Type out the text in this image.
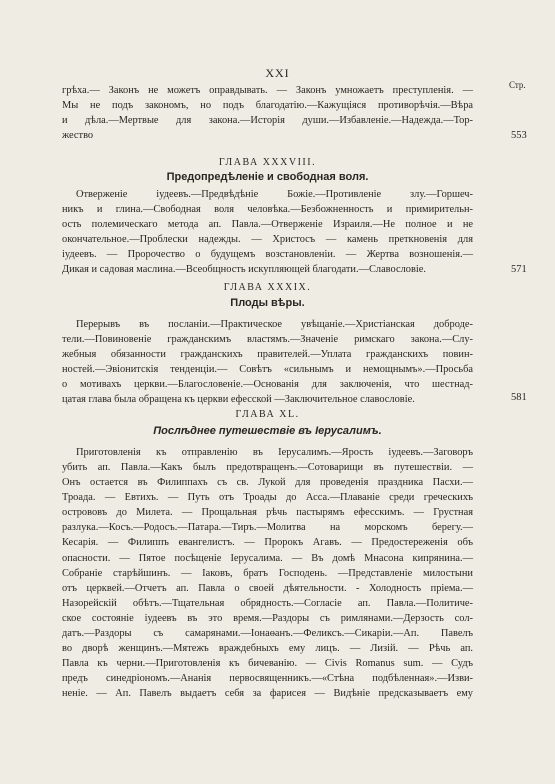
XXI
Стр.
грѣха.— Законъ не можетъ оправдывать. — Законъ умножаетъ преступленія. —
Мы не подъ закономъ, но подъ благодатію.—Кажущіяся противорѣчія.—Вѣра
и дѣла.—Мертвые для закона.—Исторія души.—Избавленіе.—Надежда.—Тор-
жество	553
ГЛАВА XXXVIII.
Предопредѣленіе и свободная воля.
Отверженіе іудеевъ.—Предвѣдѣніе Божіе.—Противленіе злу.—Горшеч-
никъ и глина.—Свободная воля человѣка.—Безбожненность и примирительн-
ость полемическаго метода ап. Павла.—Отверженіе Израиля.—Не полное и не
окончательное.—Проблески надежды. — Христосъ — камень преткновенія для
іудеевъ. — Пророчество о будущемъ возстановленіи. — Жертва возношенія.—
Дикая и садовая маслина.—Всеобщность искупляющей благодати.—Славословіе.	571
ГЛАВА XXXIX.
Плоды вѣры.
Перерывъ въ посланіи.—Практическое увѣщаніе.—Христіанская доброде-
тели.—Повиновеніе гражданскимъ властямъ.—Значеніе римскаго закона.—Слу-
жебныя обязанности гражданскихъ правителей.—Уплата гражданскихъ повин-
ностей.—Эвіонитскія тенденціи.— Совѣтъ «сильнымъ и немощнымъ».—Просьба
о мотивахъ церкви.—Благословеніе.—Основанія для заключенія, что шестнад-
цатая глава была обращена къ церкви ефесской —Заключительное славословіе.	581
ГЛАВА XL.
Послѣднее путешествіе въ Іерусалимъ.
Приготовленія къ отправленію въ Іерусалимъ.—Ярость іудеевъ.—Заговоръ
убить ап. Павла.—Какъ былъ предотвращенъ.—Сотоварищи въ путешествіи. —
Онъ остается въ Филиппахъ съ св. Лукой для проведенія праздника Пасхи.—
Троада. — Евтихъ. — Путь отъ Троады до Асса.—Плаваніе среди греческихъ
острововъ до Милета. — Прощальная рѣчь пастырямъ ефесскимъ. — Грустная
разлука.—Косъ.—Родосъ.—Патара.—Тиръ.—Молитва на морскомъ берегу.—
Кесарія. — Филиппъ евангелистъ. — Пророкъ Агавъ. — Предостереженія объ
опасности. — Пятое посѣщеніе Іерусалима. — Въ домѣ Мнасона кипрянина.—
Собраніе старѣйшинъ. — Іаковъ, братъ Господень. —Представленіе милостыни
отъ церквей.—Отчетъ ап. Павла о своей дѣятельности. - Холодность пріема.—
Назорейскій обѣтъ.—Тщательная обрядность.—Согласіе ап. Павла.—Политиче-
ское состояніе іудеевъ въ это время.—Раздоры съ римлянами.—Дерзость сол-
датъ.—Раздоры съ самарянами.—Іонаѳанъ.—Феликсъ.—Сикаріи.—Ап. Павелъ
во дворѣ женщинъ.—Мятежъ враждебныхъ ему лицъ. — Лизій. — Рѣчь ап.
Павла къ черни.—Приготовленія къ бичеванію. — Civis Romanus sum. — Судъ
предъ синедріономъ.—Ананія первосвященникъ.—«Стѣна подбѣленная».—Изви-
неніе. — Ап. Павелъ выдаетъ себя за фарисея — Видѣніе предсказываетъ ему
